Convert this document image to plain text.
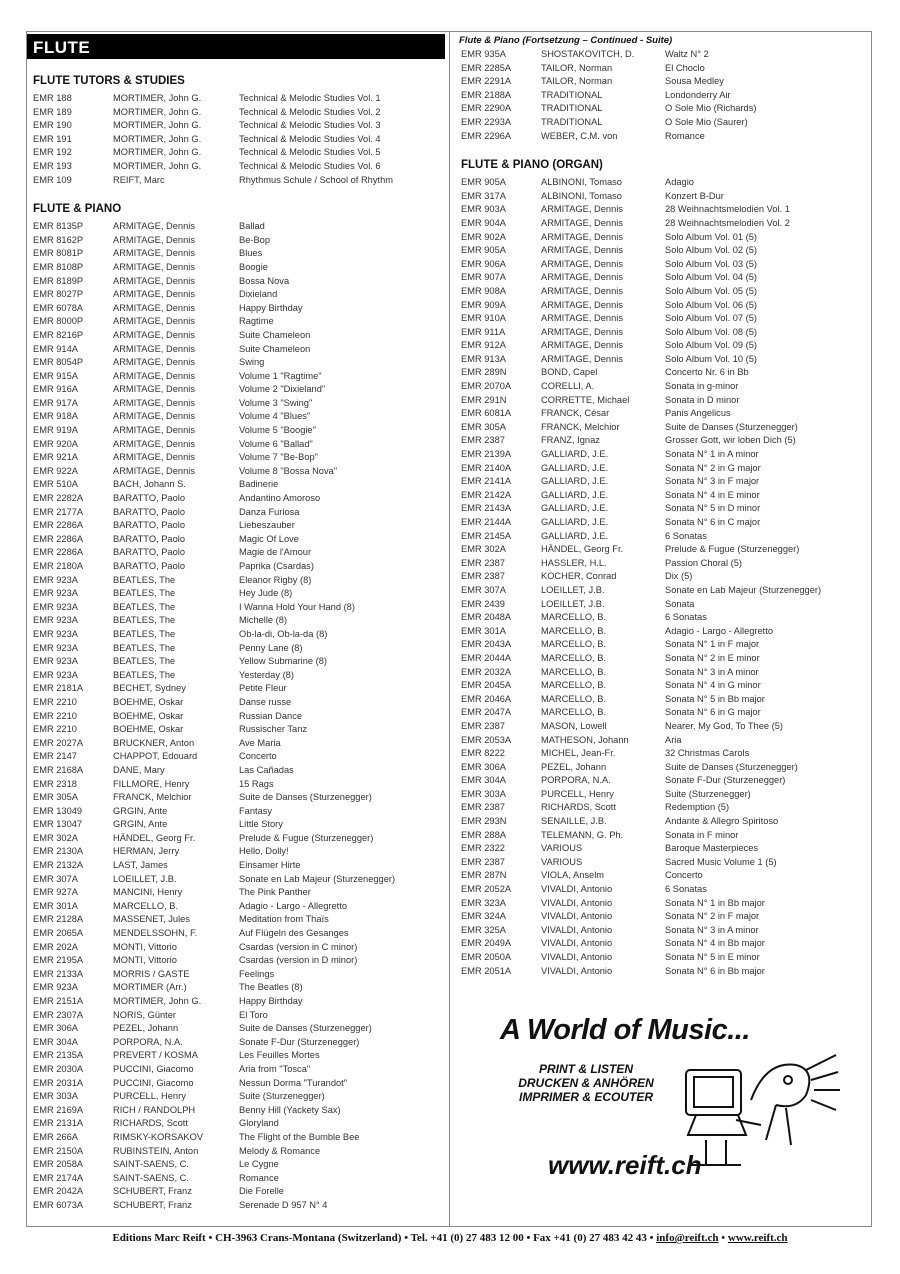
FLUTE
FLUTE TUTORS & STUDIES
EMR 188	MORTIMER, John G.	Technical & Melodic Studies Vol. 1
EMR 189	MORTIMER, John G.	Technical & Melodic Studies Vol. 2
EMR 190	MORTIMER, John G.	Technical & Melodic Studies Vol. 3
EMR 191	MORTIMER, John G.	Technical & Melodic Studies Vol. 4
EMR 192	MORTIMER, John G.	Technical & Melodic Studies Vol. 5
EMR 193	MORTIMER, John G.	Technical & Melodic Studies Vol. 6
EMR 109	REIFT, Marc	Rhythmus Schule / School of Rhythm
FLUTE & PIANO
EMR 8135P	ARMITAGE, Dennis	Ballad
EMR 8162P	ARMITAGE, Dennis	Be-Bop
EMR 8081P	ARMITAGE, Dennis	Blues
EMR 8108P	ARMITAGE, Dennis	Boogie
EMR 8189P	ARMITAGE, Dennis	Bossa Nova
EMR 8027P	ARMITAGE, Dennis	Dixieland
EMR 6078A	ARMITAGE, Dennis	Happy Birthday
EMR 8000P	ARMITAGE, Dennis	Ragtime
EMR 8216P	ARMITAGE, Dennis	Suite Chameleon
EMR 914A	ARMITAGE, Dennis	Suite Chameleon
EMR 8054P	ARMITAGE, Dennis	Swing
EMR 915A	ARMITAGE, Dennis	Volume 1 "Ragtime"
EMR 916A	ARMITAGE, Dennis	Volume 2 "Dixieland"
EMR 917A	ARMITAGE, Dennis	Volume 3 "Swing"
EMR 918A	ARMITAGE, Dennis	Volume 4 "Blues"
EMR 919A	ARMITAGE, Dennis	Volume 5 "Boogie"
EMR 920A	ARMITAGE, Dennis	Volume 6 "Ballad"
EMR 921A	ARMITAGE, Dennis	Volume 7 "Be-Bop"
EMR 922A	ARMITAGE, Dennis	Volume 8 "Bossa Nova"
EMR 510A	BACH, Johann S.	Badinerie
EMR 2282A	BARATTO, Paolo	Andantino Amoroso
EMR 2177A	BARATTO, Paolo	Danza Furiosa
EMR 2286A	BARATTO, Paolo	Liebeszauber
EMR 2286A	BARATTO, Paolo	Magic Of Love
EMR 2286A	BARATTO, Paolo	Magie de l'Amour
EMR 2180A	BARATTO, Paolo	Paprika (Csardas)
EMR 923A	BEATLES, The	Eleanor Rigby (8)
EMR 923A	BEATLES, The	Hey Jude (8)
EMR 923A	BEATLES, The	I Wanna Hold Your Hand (8)
EMR 923A	BEATLES, The	Michelle (8)
EMR 923A	BEATLES, The	Ob-la-di, Ob-la-da (8)
EMR 923A	BEATLES, The	Penny Lane (8)
EMR 923A	BEATLES, The	Yellow Submarine (8)
EMR 923A	BEATLES, The	Yesterday (8)
EMR 2181A	BECHET, Sydney	Petite Fleur
EMR 2210	BOEHME, Oskar	Danse russe
EMR 2210	BOEHME, Oskar	Russian Dance
EMR 2210	BOEHME, Oskar	Russischer Tanz
EMR 2027A	BRUCKNER, Anton	Ave Maria
EMR 2147	CHAPPOT, Edouard	Concerto
EMR 2168A	DANE, Mary	Las Cañadas
EMR 2318	FILLMORE, Henry	15 Rags
EMR 305A	FRANCK, Melchior	Suite de Danses (Sturzenegger)
EMR 13049	GRGIN, Ante	Fantasy
EMR 13047	GRGIN, Ante	Little Story
EMR 302A	HÄNDEL, Georg Fr.	Prelude & Fugue (Sturzenegger)
EMR 2130A	HERMAN, Jerry	Hello, Dolly!
EMR 2132A	LAST, James	Einsamer Hirte
EMR 307A	LOEILLET, J.B.	Sonate en Lab Majeur (Sturzenegger)
EMR 927A	MANCINI, Henry	The Pink Panther
EMR 301A	MARCELLO, B.	Adagio - Largo - Allegretto
EMR 2128A	MASSENET, Jules	Meditation from Thaïs
EMR 2065A	MENDELSSOHN, F.	Auf Flügeln des Gesanges
EMR 202A	MONTI, Vittorio	Csardas (version in C minor)
EMR 2195A	MONTI, Vittorio	Csardas (version in D minor)
EMR 2133A	MORRIS / GASTE	Feelings
EMR 923A	MORTIMER (Arr.)	The Beatles (8)
EMR 2151A	MORTIMER, John G.	Happy Birthday
EMR 2307A	NORIS, Günter	El Toro
EMR 306A	PEZEL, Johann	Suite de Danses (Sturzenegger)
EMR 304A	PORPORA, N.A.	Sonate F-Dur (Sturzenegger)
EMR 2135A	PREVERT / KOSMA	Les Feuilles Mortes
EMR 2030A	PUCCINI, Giacomo	Aria from "Tosca"
EMR 2031A	PUCCINI, Giacomo	Nessun Dorma "Turandot"
EMR 303A	PURCELL, Henry	Suite (Sturzenegger)
EMR 2169A	RICH / RANDOLPH	Benny Hill (Yackety Sax)
EMR 2131A	RICHARDS, Scott	Gloryland
EMR 266A	RIMSKY-KORSAKOV	The Flight of the Bumble Bee
EMR 2150A	RUBINSTEIN, Anton	Melody & Romance
EMR 2058A	SAINT-SAENS, C.	Le Cygne
EMR 2174A	SAINT-SAENS, C.	Romance
EMR 2042A	SCHUBERT, Franz	Die Forelle
EMR 6073A	SCHUBERT, Franz	Serenade D 957 N° 4
Flute & Piano (Fortsetzung – Continued - Suite)
EMR 935A	SHOSTAKOVITCH, D.	Waltz N° 2
EMR 2285A	TAILOR, Norman	El Choclo
EMR 2291A	TAILOR, Norman	Sousa Medley
EMR 2188A	TRADITIONAL	Londonderry Air
EMR 2290A	TRADITIONAL	O Sole Mio (Richards)
EMR 2293A	TRADITIONAL	O Sole Mio (Saurer)
EMR 2296A	WEBER, C.M. von	Romance
FLUTE & PIANO (ORGAN)
EMR 905A	ALBINONI, Tomaso	Adagio
EMR 317A	ALBINONI, Tomaso	Konzert B-Dur
EMR 903A	ARMITAGE, Dennis	28 Weihnachtsmelodien Vol. 1
EMR 904A	ARMITAGE, Dennis	28 Weihnachtsmelodien Vol. 2
EMR 902A	ARMITAGE, Dennis	Solo Album Vol. 01 (5)
EMR 905A	ARMITAGE, Dennis	Solo Album Vol. 02 (5)
EMR 906A	ARMITAGE, Dennis	Solo Album Vol. 03 (5)
EMR 907A	ARMITAGE, Dennis	Solo Album Vol. 04 (5)
EMR 908A	ARMITAGE, Dennis	Solo Album Vol. 05 (5)
EMR 909A	ARMITAGE, Dennis	Solo Album Vol. 06 (5)
EMR 910A	ARMITAGE, Dennis	Solo Album Vol. 07 (5)
EMR 911A	ARMITAGE, Dennis	Solo Album Vol. 08 (5)
EMR 912A	ARMITAGE, Dennis	Solo Album Vol. 09 (5)
EMR 913A	ARMITAGE, Dennis	Solo Album Vol. 10 (5)
EMR 289N	BOND, Capel	Concerto Nr. 6 in Bb
EMR 2070A	CORELLI, A.	Sonata in g-minor
EMR 291N	CORRETTE, Michael	Sonata in D minor
EMR 6081A	FRANCK, César	Panis Angelicus
EMR 305A	FRANCK, Melchior	Suite de Danses (Sturzenegger)
EMR 2387	FRANZ, Ignaz	Grosser Gott, wir loben Dich (5)
EMR 2139A	GALLIARD, J.E.	Sonata N° 1 in A minor
EMR 2140A	GALLIARD, J.E.	Sonata N° 2 in G major
EMR 2141A	GALLIARD, J.E.	Sonata N° 3 in F major
EMR 2142A	GALLIARD, J.E.	Sonata N° 4 in E minor
EMR 2143A	GALLIARD, J.E.	Sonata N° 5 in D minor
EMR 2144A	GALLIARD, J.E.	Sonata N° 6 in C major
EMR 2145A	GALLIARD, J.E.	6 Sonatas
EMR 302A	HÄNDEL, Georg Fr.	Prelude & Fugue (Sturzenegger)
EMR 2387	HASSLER, H.L.	Passion Choral (5)
EMR 2387	KOCHER, Conrad	Dix (5)
EMR 307A	LOEILLET, J.B.	Sonate en Lab Majeur (Sturzenegger)
EMR 2439	LOEILLET, J.B.	Sonata
EMR 2048A	MARCELLO, B.	6 Sonatas
EMR 301A	MARCELLO, B.	Adagio - Largo - Allegretto
EMR 2043A	MARCELLO, B.	Sonata N° 1 in F major
EMR 2044A	MARCELLO, B.	Sonata N° 2 in E minor
EMR 2032A	MARCELLO, B.	Sonata N° 3 in A minor
EMR 2045A	MARCELLO, B.	Sonata N° 4 in G minor
EMR 2046A	MARCELLO, B.	Sonata N° 5 in Bb major
EMR 2047A	MARCELLO, B.	Sonata N° 6 in G major
EMR 2387	MASON, Lowell	Nearer, My God, To Thee (5)
EMR 2053A	MATHESON, Johann	Aria
EMR 8222	MICHEL, Jean-Fr.	32 Christmas Carols
EMR 306A	PEZEL, Johann	Suite de Danses (Sturzenegger)
EMR 304A	PORPORA, N.A.	Sonate F-Dur (Sturzenegger)
EMR 303A	PURCELL, Henry	Suite (Sturzenegger)
EMR 2387	RICHARDS, Scott	Redemption (5)
EMR 293N	SENAILLE, J.B.	Andante & Allegro Spiritoso
EMR 288A	TELEMANN, G. Ph.	Sonata in F minor
EMR 2322	VARIOUS	Baroque Masterpieces
EMR 2387	VARIOUS	Sacred Music Volume 1 (5)
EMR 287N	VIOLA, Anselm	Concerto
EMR 2052A	VIVALDI, Antonio	6 Sonatas
EMR 323A	VIVALDI, Antonio	Sonata N° 1 in Bb major
EMR 324A	VIVALDI, Antonio	Sonata N° 2 in F major
EMR 325A	VIVALDI, Antonio	Sonata N° 3 in A minor
EMR 2049A	VIVALDI, Antonio	Sonata N° 4 in Bb major
EMR 2050A	VIVALDI, Antonio	Sonata N° 5 in E minor
EMR 2051A	VIVALDI, Antonio	Sonata N° 6 in Bb major
A World of Music...
PRINT & LISTEN
DRUCKEN & ANHÖREN
IMPRIMER & ECOUTER
www.reift.ch
Editions Marc Reift • CH-3963 Crans-Montana (Switzerland) • Tel. +41 (0) 27 483 12 00 • Fax +41 (0) 27 483 42 43 • info@reift.ch • www.reift.ch
